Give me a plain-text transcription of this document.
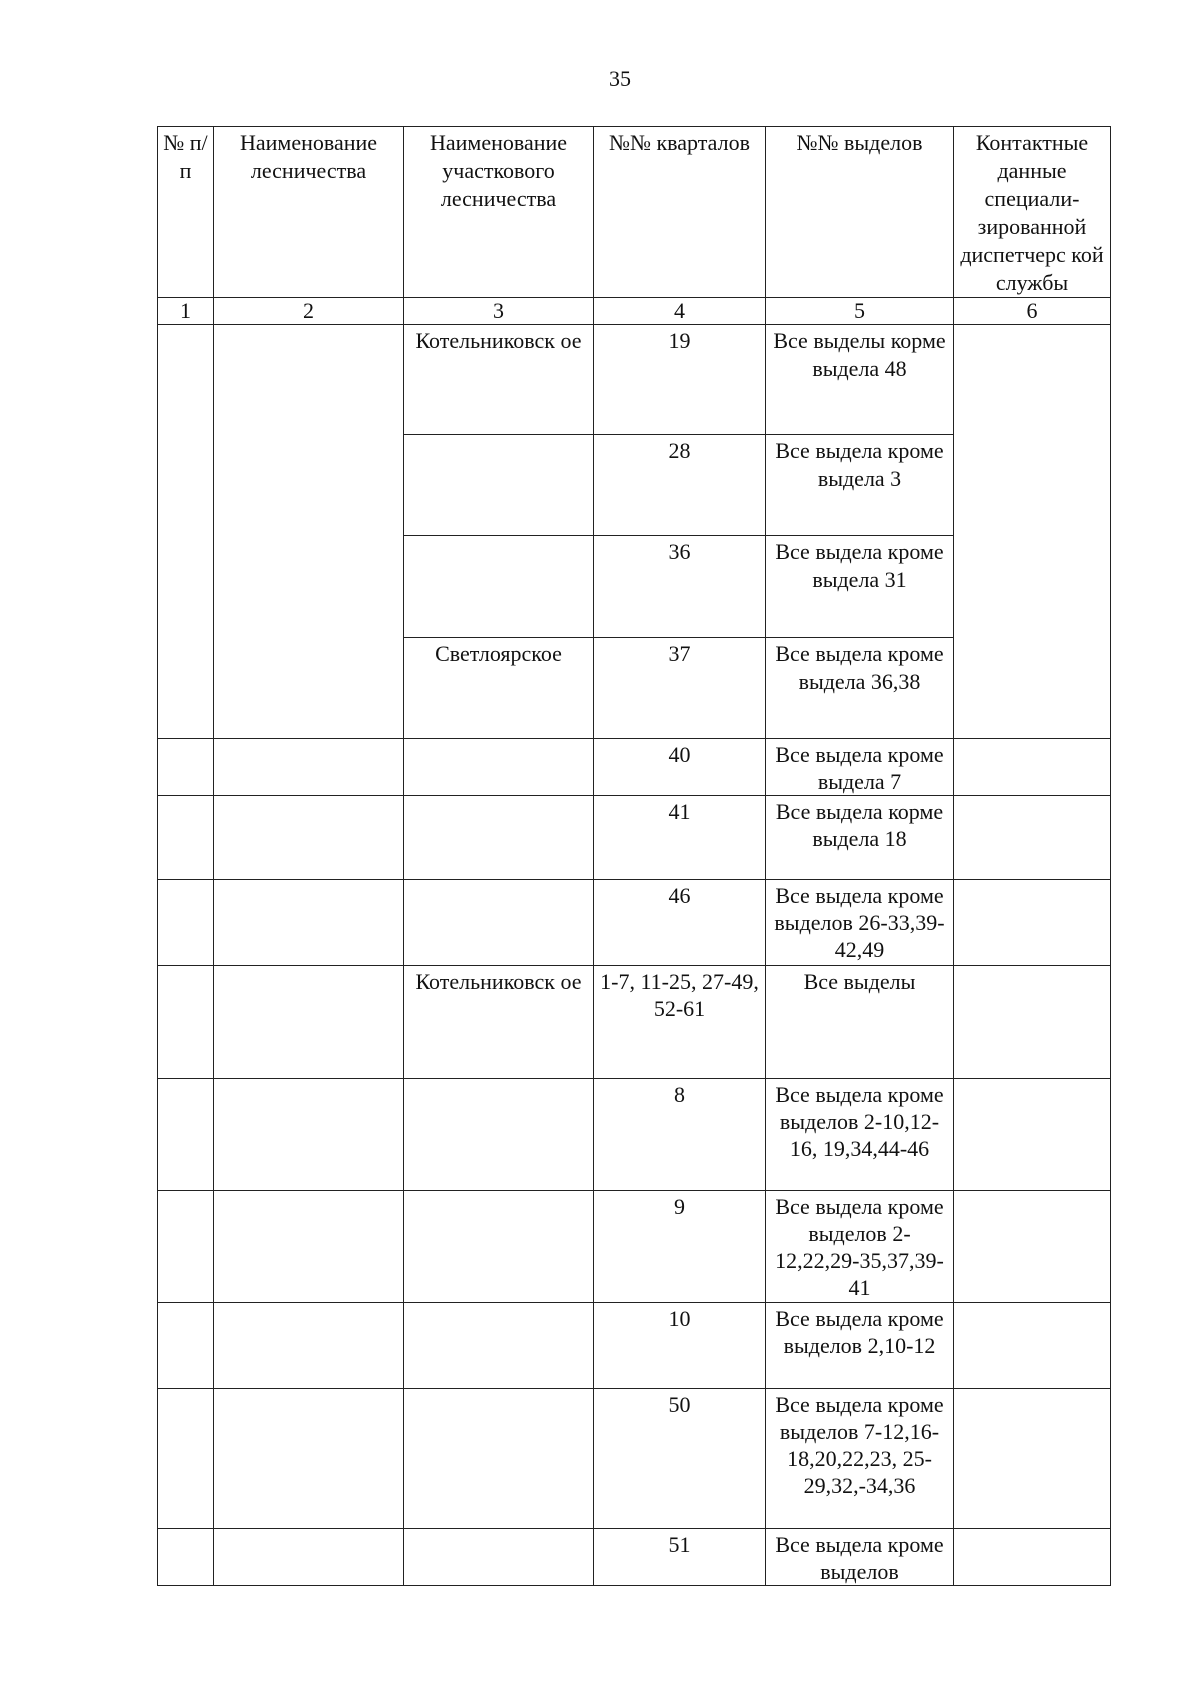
35
№ п/п	Наименование лесничества	Наименование участкового лесничества	№№ кварталов	№№ выделов	Контактные данные специали-зированной диспетчерс кой службы
1	2	3	4	5	6
		Котельниковск ое	19	Все выделы корме выдела 48	
			28	Все выдела кроме выдела 3	
			36	Все выдела кроме выдела 31	
		Светлоярское	37	Все выдела кроме выдела 36,38	
			40	Все выдела кроме выдела 7	
			41	Все выдела корме выдела 18	
			46	Все выдела кроме выделов 26-33,39-42,49	
		Котельниковск ое	1-7, 11-25, 27-49, 52-61	Все выделы	
			8	Все выдела кроме выделов 2-10,12-16, 19,34,44-46	
			9	Все выдела кроме выделов 2-12,22,29-35,37,39-41	
			10	Все выдела кроме выделов 2,10-12	
			50	Все выдела кроме выделов 7-12,16-18,20,22,23, 25-29,32,-34,36	
			51	Все выдела кроме выделов	
